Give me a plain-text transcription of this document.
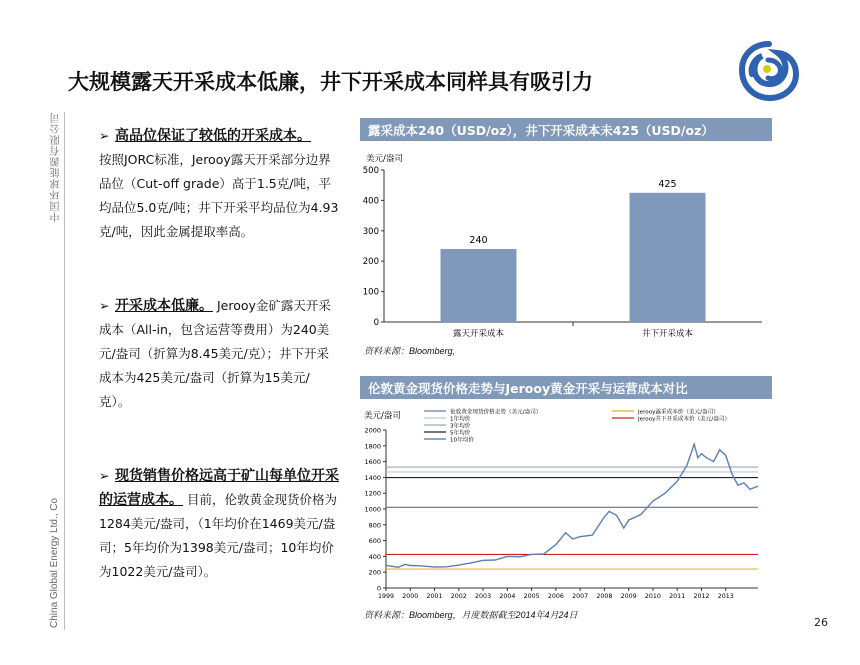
中国环球能源有限公司
China Global Energy Ltd., Co
大规模露天开采成本低廉，井下开采成本同样具有吸引力
➢ 高品位保证了较低的开采成本。
按照JORC标准，Jerooy露天开采部分边界品位（Cut-off grade）高于1.5克/吨，平均品位5.0克/吨；井下开采平均品位为4.93克/吨，因此金属提取率高。
➢ 开采成本低廉。 Jerooy金矿露天开采成本（All-in，包含运营等费用）为240美元/盎司（折算为8.45美元/克）；井下开采成本为425美元/盎司（折算为15美元/克）。
➢ 现货销售价格远高于矿山每单位开采的运营成本。 目前，伦敦黄金现货价格为1284美元/盎司，（1年均价在1469美元/盎司；5年均价为1398美元/盎司；10年均价为1022美元/盎司）。
露采成本240（USD/oz），井下开采成本未425（USD/oz）
美元/盎司
0
100
200
300
400
500
240
露天开采成本
425
井下开采成本
资料来源：Bloomberg,
伦敦黄金现货价格走势与Jerooy黄金开采与运营成本对比
美元/盎司	伦敦黄金现货价格走势（美元/盎司）
1年均价
3年均价
5年均价
10年均价
Jerooy露采成本价（美元/盎司）
Jerooy井下开采成本价（美元/盎司）
0
200
400
600
800
1000
1200
1400
1600
1800
2000
1999 2000 2001 2002 2003 2004 2005 2006 2007 2008 2009 2010 2011 2012 2013
资料来源：Bloomberg，月度数据截至2014年4月24日
26
